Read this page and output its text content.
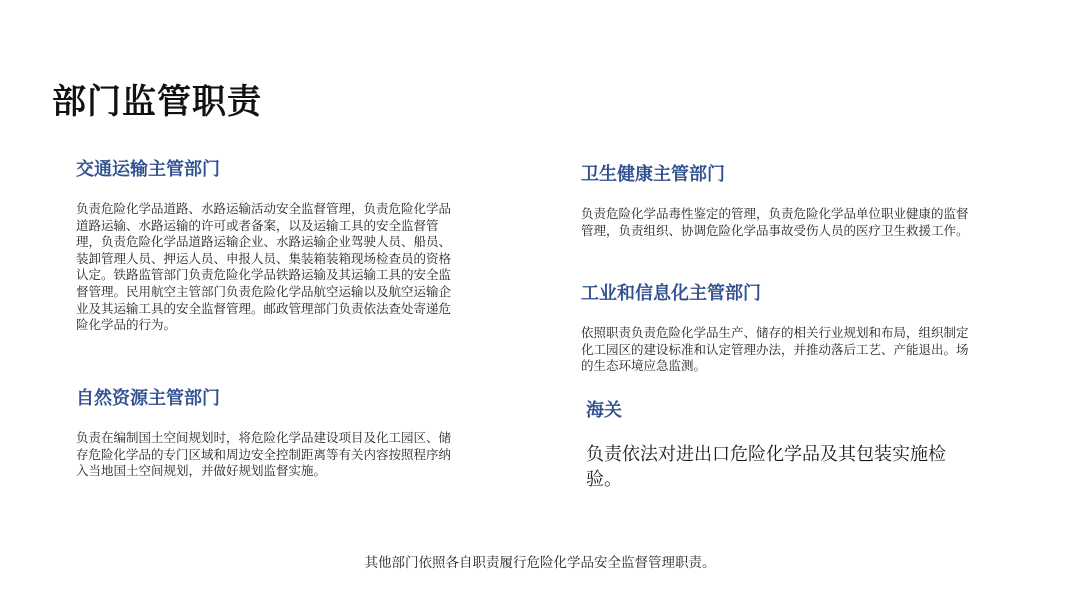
部门监管职责
交通运输主管部门
负责危险化学品道路、水路运输活动安全监督管理，负责危险化学品道路运输、水路运输的许可或者备案，以及运输工具的安全监督管理，负责危险化学品道路运输企业、水路运输企业驾驶人员、船员、装卸管理人员、押运人员、申报人员、集装箱装箱现场检查员的资格认定。铁路监管部门负责危险化学品铁路运输及其运输工具的安全监督管理。民用航空主管部门负责危险化学品航空运输以及航空运输企业及其运输工具的安全监督管理。邮政管理部门负责依法查处寄递危险化学品的行为。
自然资源主管部门
负责在编制国土空间规划时，将危险化学品建设项目及化工园区、储存危险化学品的专门区域和周边安全控制距离等有关内容按照程序纳入当地国土空间规划，并做好规划监督实施。
卫生健康主管部门
负责危险化学品毒性鉴定的管理，负责危险化学品单位职业健康的监督管理，负责组织、协调危险化学品事故受伤人员的医疗卫生救援工作。
工业和信息化主管部门
依照职责负责危险化学品生产、储存的相关行业规划和布局，组织制定化工园区的建设标准和认定管理办法，并推动落后工艺、产能退出。场的生态环境应急监测。
海关
负责依法对进出口危险化学品及其包装实施检验。
其他部门依照各自职责履行危险化学品安全监督管理职责。
